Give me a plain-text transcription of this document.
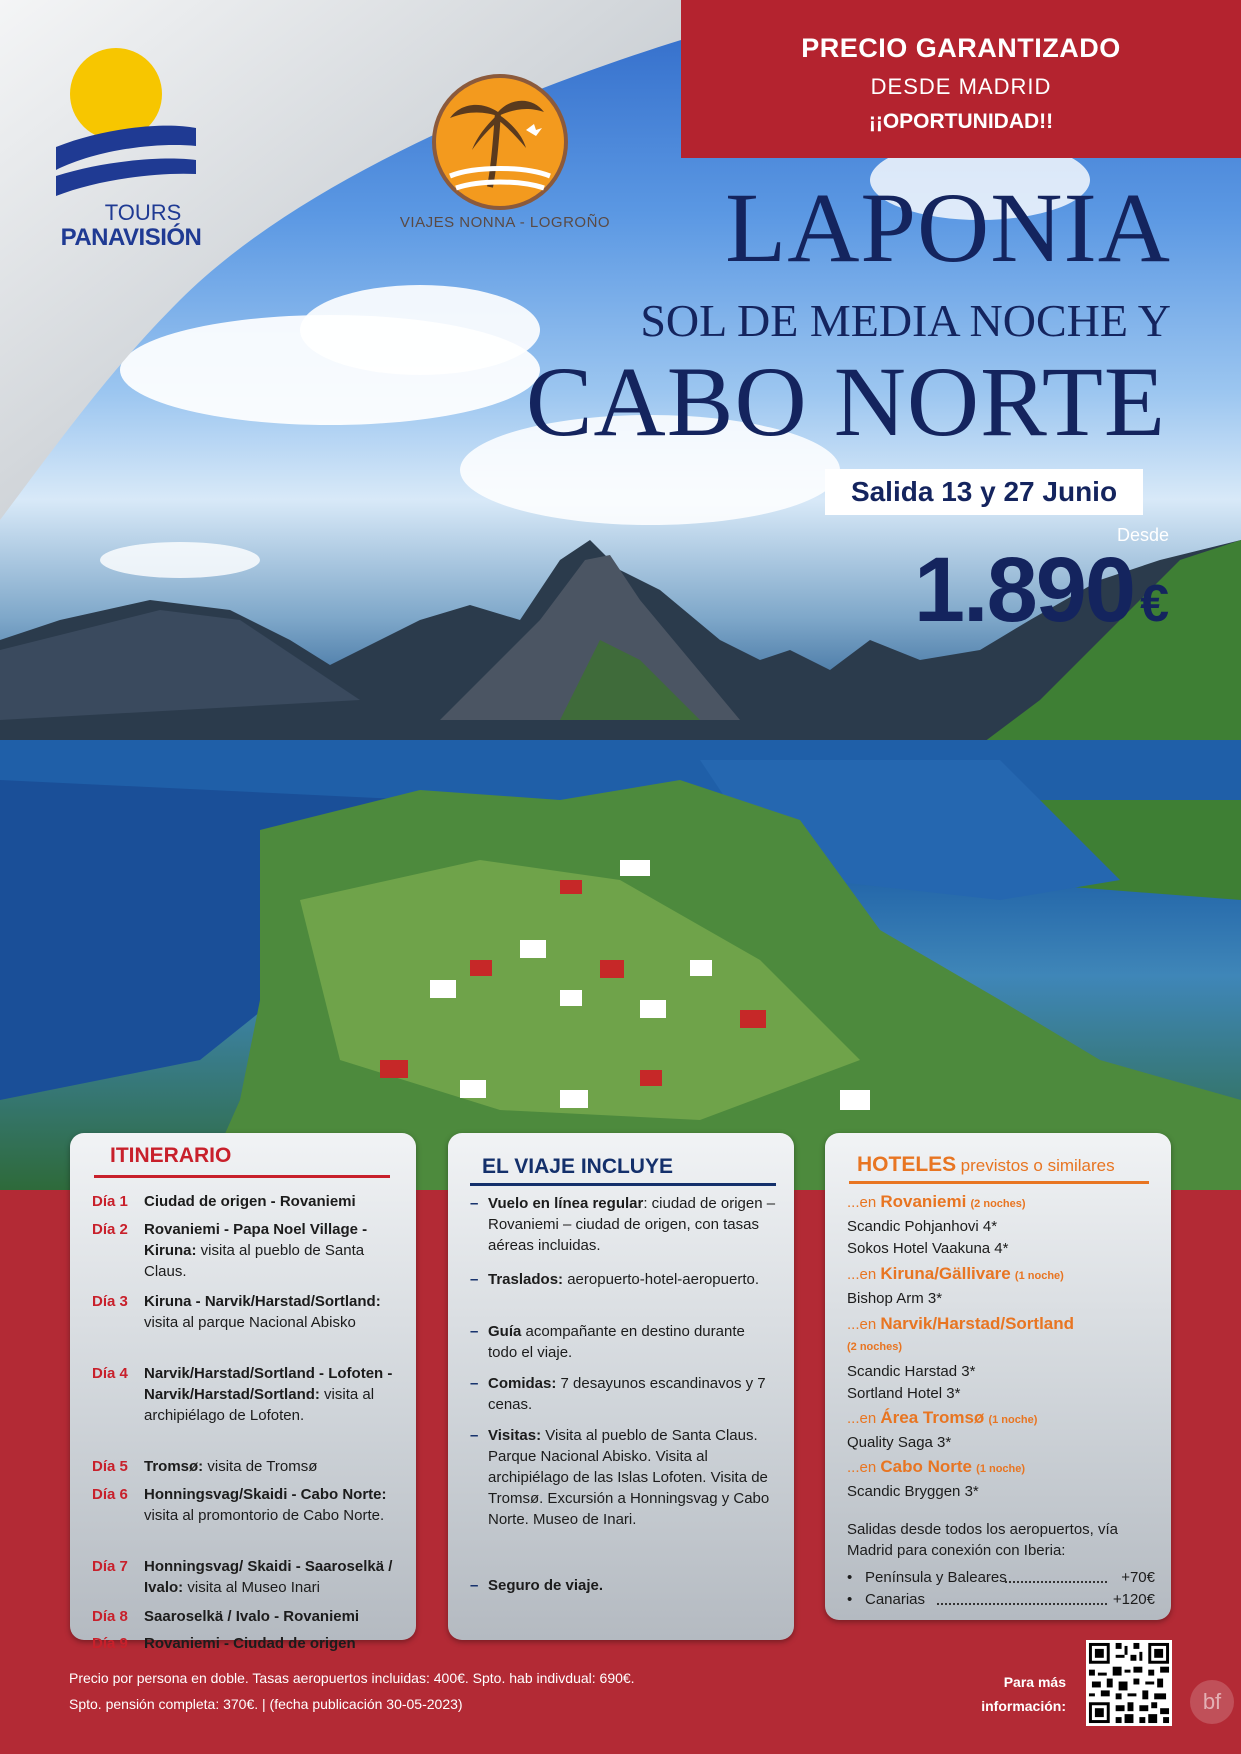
PRECIO GARANTIZADO
DESDE MADRID
¡¡OPORTUNIDAD!!
TOURS
PANAVISIÓN
VIAJES NONNA - LOGROÑO LAPONIA
SOL DE MEDIA NOCHE Y
CABO NORTE
Salida 13 y 27 Junio
Desde
1.890 €
ITINERARIO
Día 1	Ciudad de origen - Rovaniemi
Día 2	Rovaniemi - Papa Noel Village - Kiruna: visita al pueblo de Santa Claus.
Día 3	Kiruna - Narvik/Harstad/Sortland: visita al parque Nacional Abisko
Día 4	Narvik/Harstad/Sortland - Lofoten - Narvik/Harstad/Sortland: visita al archipiélago de Lofoten.
Día 5	Tromsø: visita de Tromsø
Día 6	Honningsvag/Skaidi - Cabo Norte: visita al promontorio de Cabo Norte.
Día 7	Honningsvag/ Skaidi - Saaroselkä / Ivalo: visita al Museo Inari
Día 8	Saaroselkä / Ivalo - Rovaniemi
Día 9	Rovaniemi - Ciudad de origen
EL VIAJE INCLUYE
– Vuelo en línea regular: ciudad de origen – Rovaniemi – ciudad de origen, con tasas aéreas incluidas.
– Traslados: aeropuerto-hotel-aeropuerto.
– Guía acompañante en destino durante todo el viaje.
– Comidas: 7 desayunos escandinavos y 7 cenas.
– Visitas: Visita al pueblo de Santa Claus. Parque Nacional Abisko. Visita al archipiélago de las Islas Lofoten. Visita de Tromsø. Excursión a Honningsvag y Cabo Norte. Museo de Inari.
– Seguro de viaje.
HOTELES previstos o similares
...en Rovaniemi (2 noches)
Scandic Pohjanhovi 4*
Sokos Hotel Vaakuna 4*
...en Kiruna/Gällivare (1 noche)
Bishop Arm 3*
...en Narvik/Harstad/Sortland
(2 noches)
Scandic Harstad 3*
Sortland Hotel 3*
...en Área Tromsø (1 noche)
Quality Saga 3*
...en Cabo Norte (1 noche)
Scandic Bryggen 3*
Salidas desde todos los aeropuertos, vía Madrid para conexión con Iberia:
• Península y Baleares	+70€
• Canarias	+120€
Precio por persona en doble. Tasas aeropuertos incluidas: 400€. Spto. hab indivdual: 690€.
Spto. pensión completa: 370€. | (fecha publicación 30-05-2023)
Para más
información:	bf
